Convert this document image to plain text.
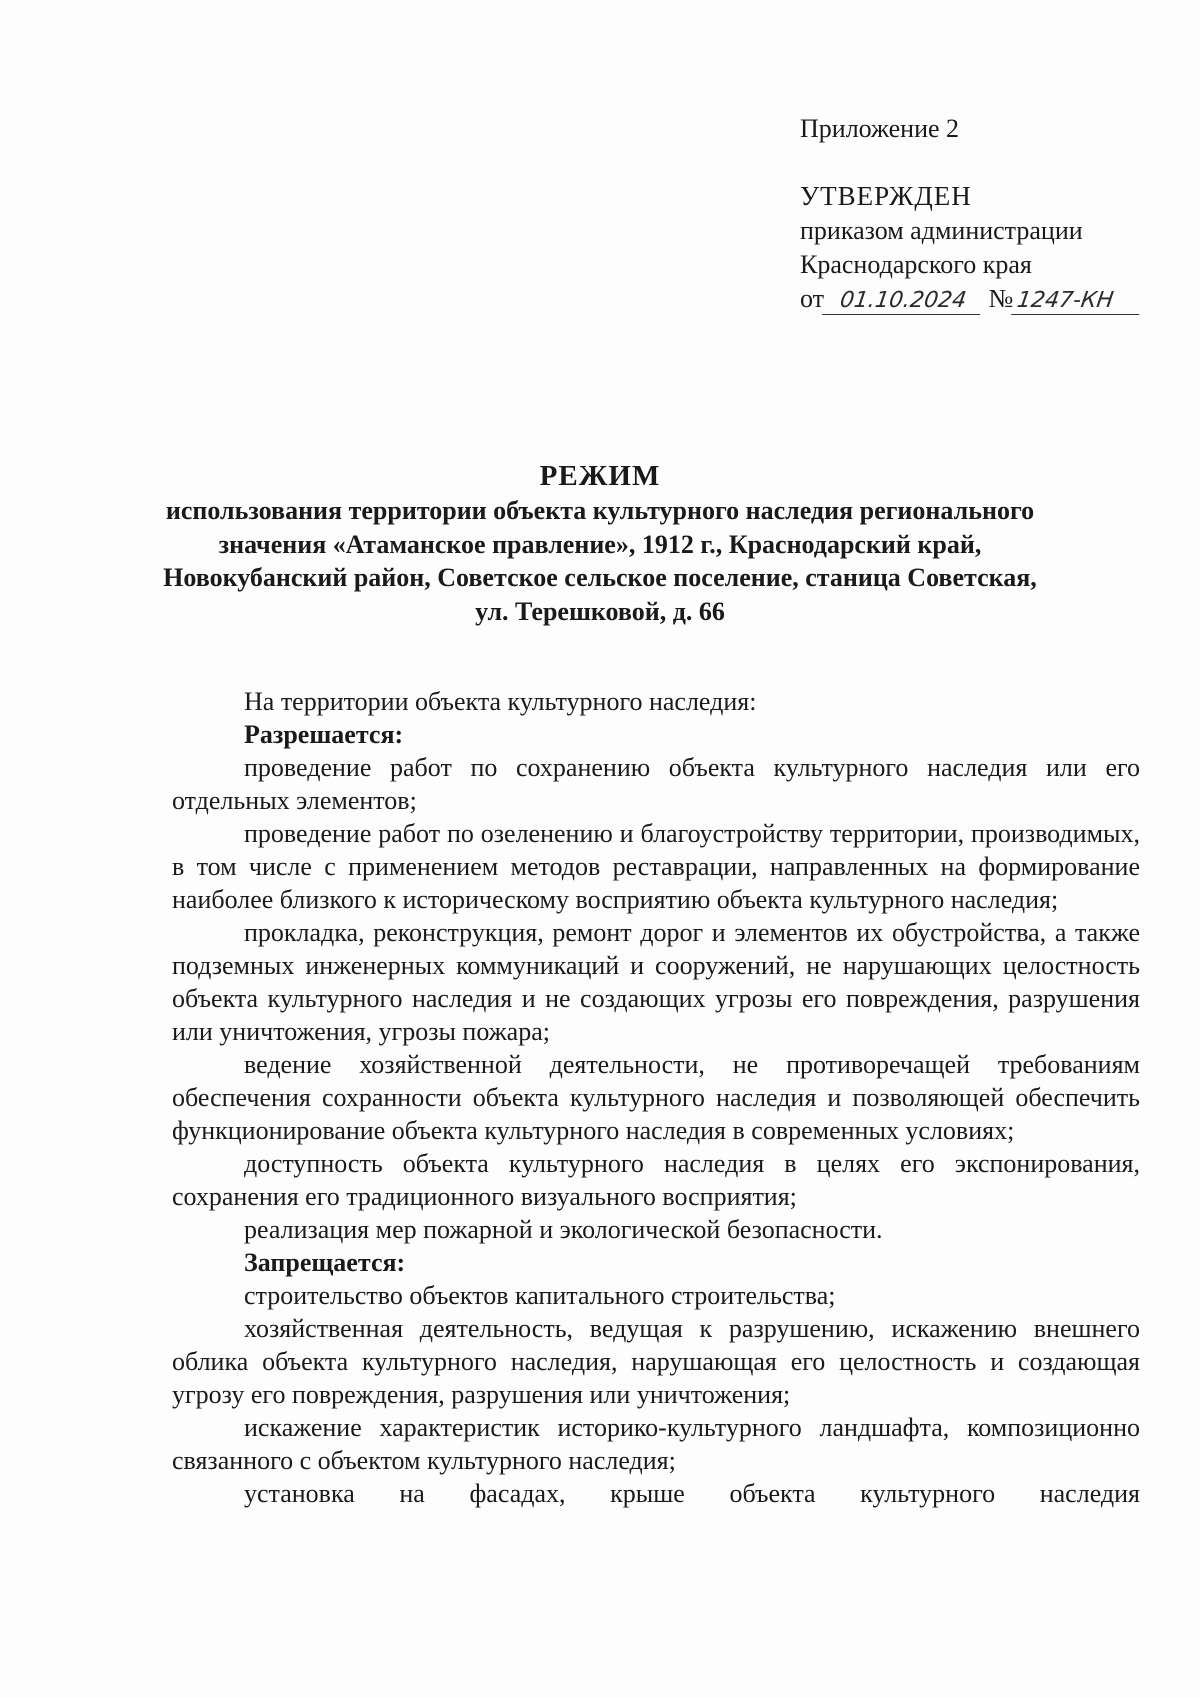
Приложение 2
УТВЕРЖДЕН
приказом администрации
Краснодарского края
от 01.10.2024 № 1247-КН
РЕЖИМ
использования территории объекта культурного наследия регионального значения «Атаманское правление», 1912 г., Краснодарский край, Новокубанский район, Советское сельское поселение, станица Советская, ул. Терешковой, д. 66

На территории объекта культурного наследия:

Разрешается:

проведение работ по сохранению объекта культурного наследия или его отдельных элементов;

проведение работ по озеленению и благоустройству территории, производимых, в том числе с применением методов реставрации, направленных на формирование наиболее близкого к историческому восприятию объекта культурного наследия;

прокладка, реконструкция, ремонт дорог и элементов их обустройства, а также подземных инженерных коммуникаций и сооружений, не нарушающих целостность объекта культурного наследия и не создающих угрозы его повреждения, разрушения или уничтожения, угрозы пожара;

ведение хозяйственной деятельности, не противоречащей требованиям обеспечения сохранности объекта культурного наследия и позволяющей обеспечить функционирование объекта культурного наследия в современных условиях;

доступность объекта культурного наследия в целях его экспонирования, сохранения его традиционного визуального восприятия;

реализация мер пожарной и экологической безопасности.

Запрещается:

строительство объектов капитального строительства;

хозяйственная деятельность, ведущая к разрушению, искажению внешнего облика объекта культурного наследия, нарушающая его целостность и создающая угрозу его повреждения, разрушения или уничтожения;

искажение характеристик историко-культурного ландшафта, композиционно связанного с объектом культурного наследия;

установка на фасадах, крыше объекта культурного наследия
